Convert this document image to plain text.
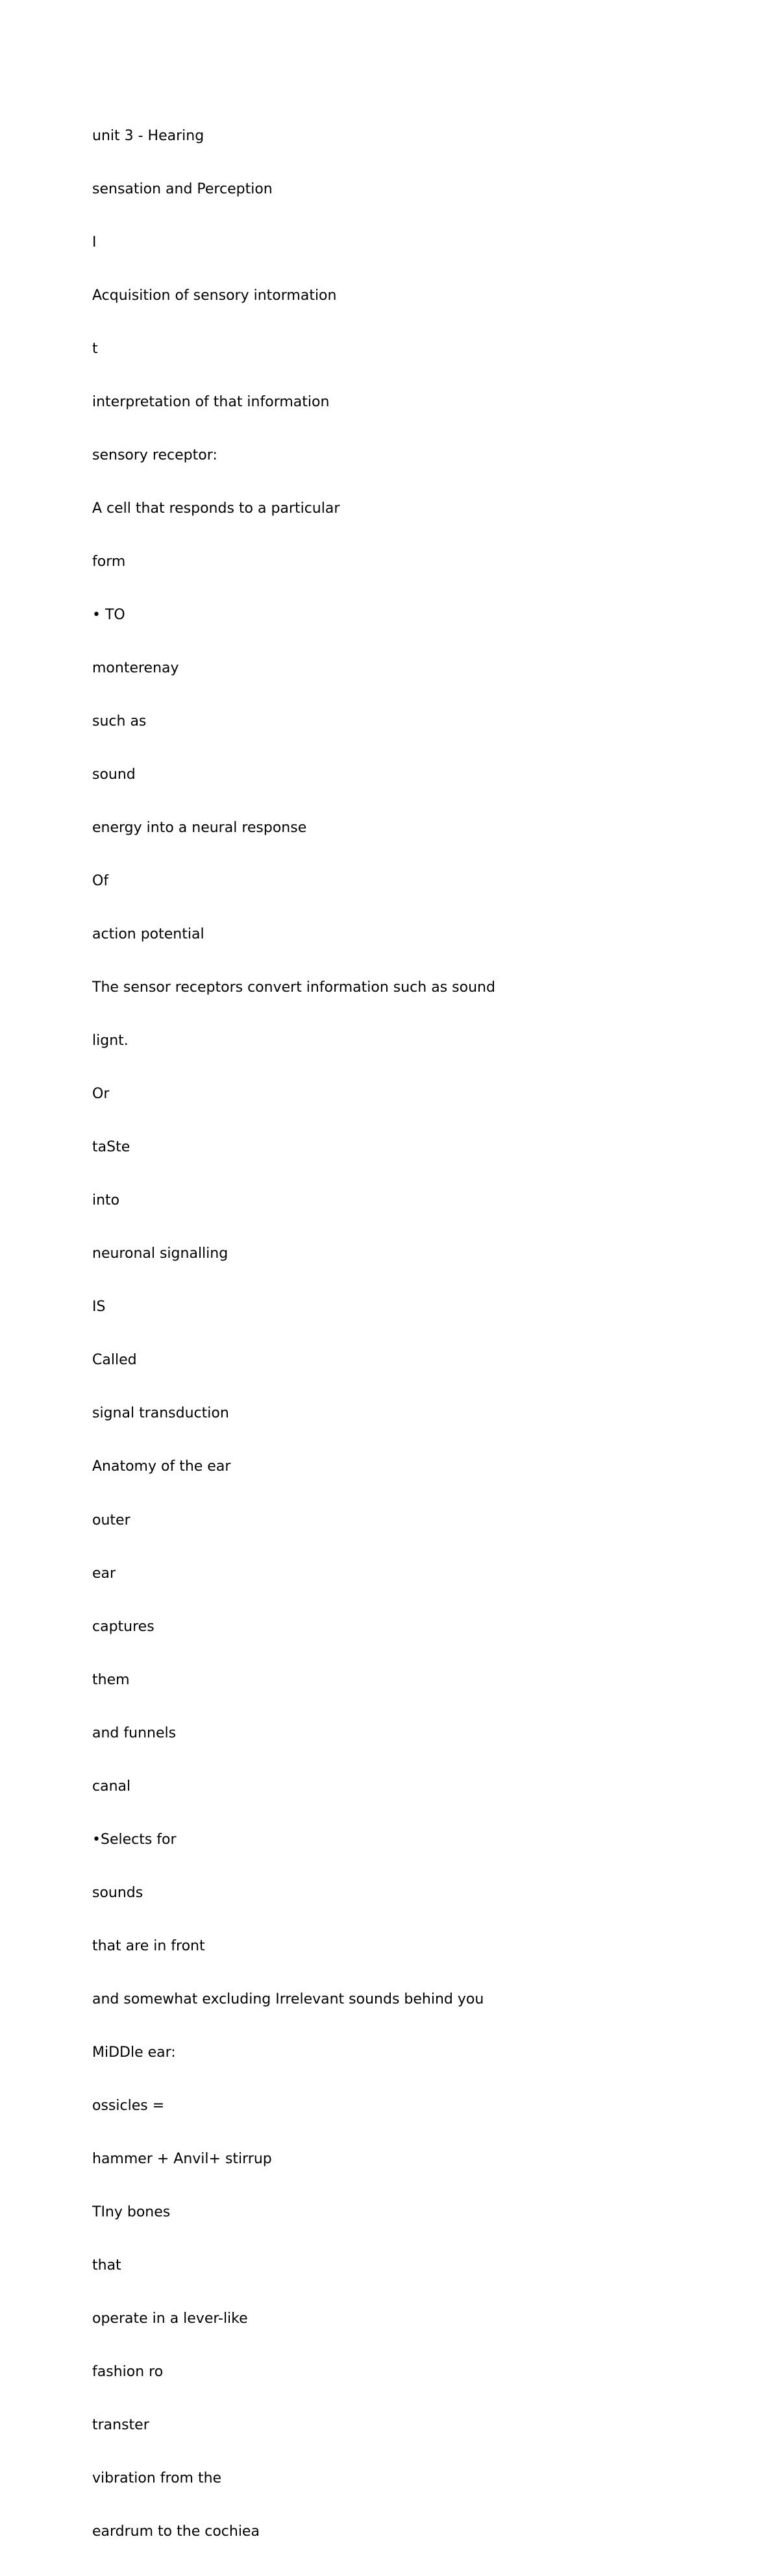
unit 3 - Hearing

sensation and Perception

I

Acquisition of sensory intormation

t

interpretation of that information

sensory receptor:

A cell that responds to a particular

form

• TO

monterenay

such as

sound

energy into a neural response

Of

action potential

The sensor receptors convert information such as sound

lignt.

Or

taSte

into

neuronal signalling

IS

Called

signal transduction

Anatomy of the ear

outer

ear

captures

them

and funnels

canal

•Selects for

sounds

that are in front

and somewhat excluding Irrelevant sounds behind you

MiDDle ear:

ossicles =

hammer + Anvil+ stirrup

TIny bones

that

operate in a lever-like

fashion ro

transter

vibration from the

eardrum to the cochiea
